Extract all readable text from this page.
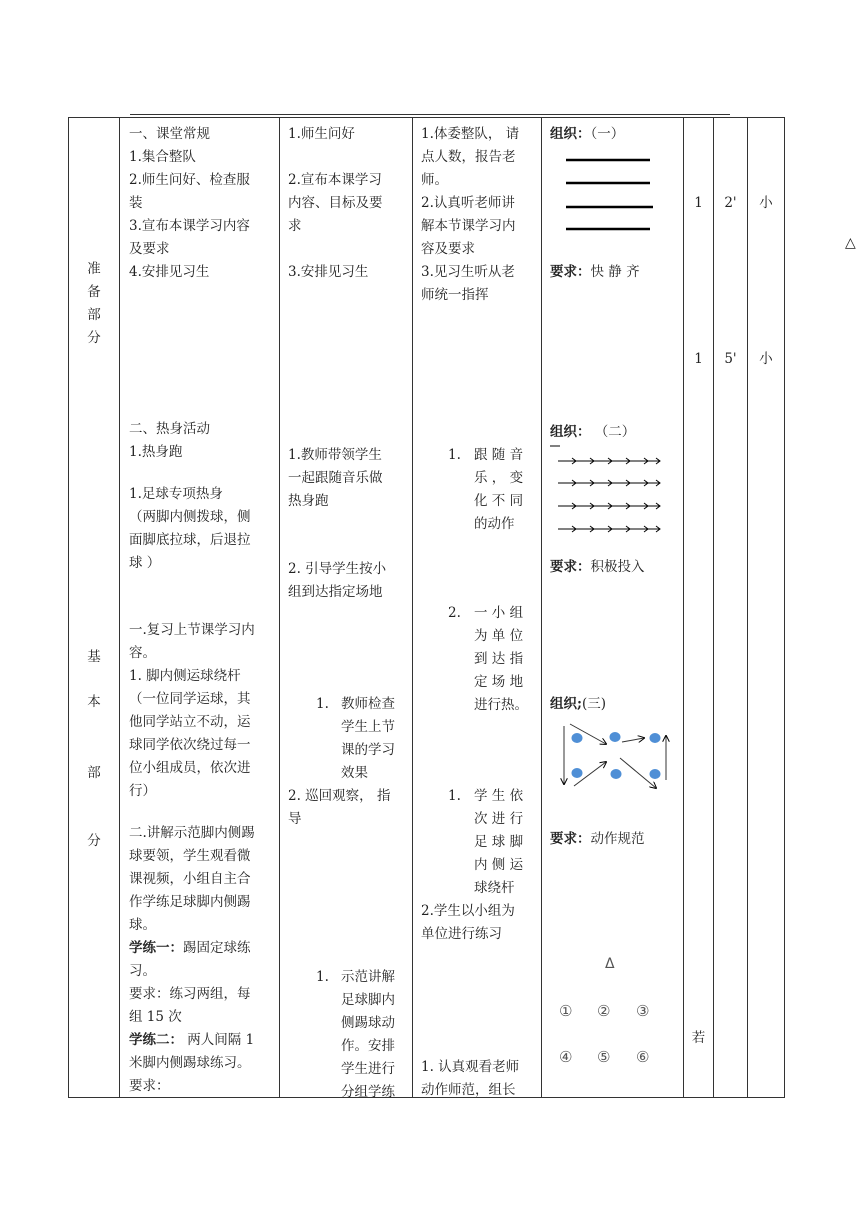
准
备
部
分
基
本
部
分
一、课堂常规
1.集合整队
2.师生问好、检查服
装
3.宣布本课学习内容
及要求
4.安排见习生
二、热身活动
1.热身跑
1.足球专项热身
（两脚内侧拨球，侧
面脚底拉球，后退拉
球 ）
一.复习上节课学习内
容。
1. 脚内侧运球绕杆
（一位同学运球，其
他同学站立不动，运
球同学依次绕过每一
位小组成员，依次进
行）
二.讲解示范脚内侧踢
球要领，学生观看微
课视频，小组自主合
作学练足球脚内侧踢
球。
学练一：踢固定球练
习。
要求：练习两组，每
组 15 次
学练二： 两人间隔 1
米脚内侧踢球练习。
要求：
1.师生问好
2.宣布本课学习
内容、目标及要
求
3.安排见习生
1.教师带领学生
一起跟随音乐做
热身跑
2. 引导学生按小
组到达指定场地
1. 教师检查
学生上节
课的学习
效果
2. 巡回观察， 指
导
1. 示范讲解
足球脚内
侧踢球动
作。安排
学生进行
分组学练
1.体委整队， 请
点人数，报告老
师。
2.认真听老师讲
解本节课学习内
容及要求
3.见习生听从老
师统一指挥
1. 跟 随 音
乐 ， 变
化 不 同
的动作
2. 一 小 组
为 单 位
到 达 指
定 场 地
进行热。
1. 学 生 依
次 进 行
足 球 脚
内 侧 运
球绕杆
2.学生以小组为
单位进行练习
1. 认真观看老师
动作师范，组长
组织：（一）
要求：快 静 齐
组织： （二）
要求：积极投入
组织;(三)
要求：动作规范
Δ
① ② ③
④ ⑤ ⑥
1
1
若
2'
5'
小
小
△
